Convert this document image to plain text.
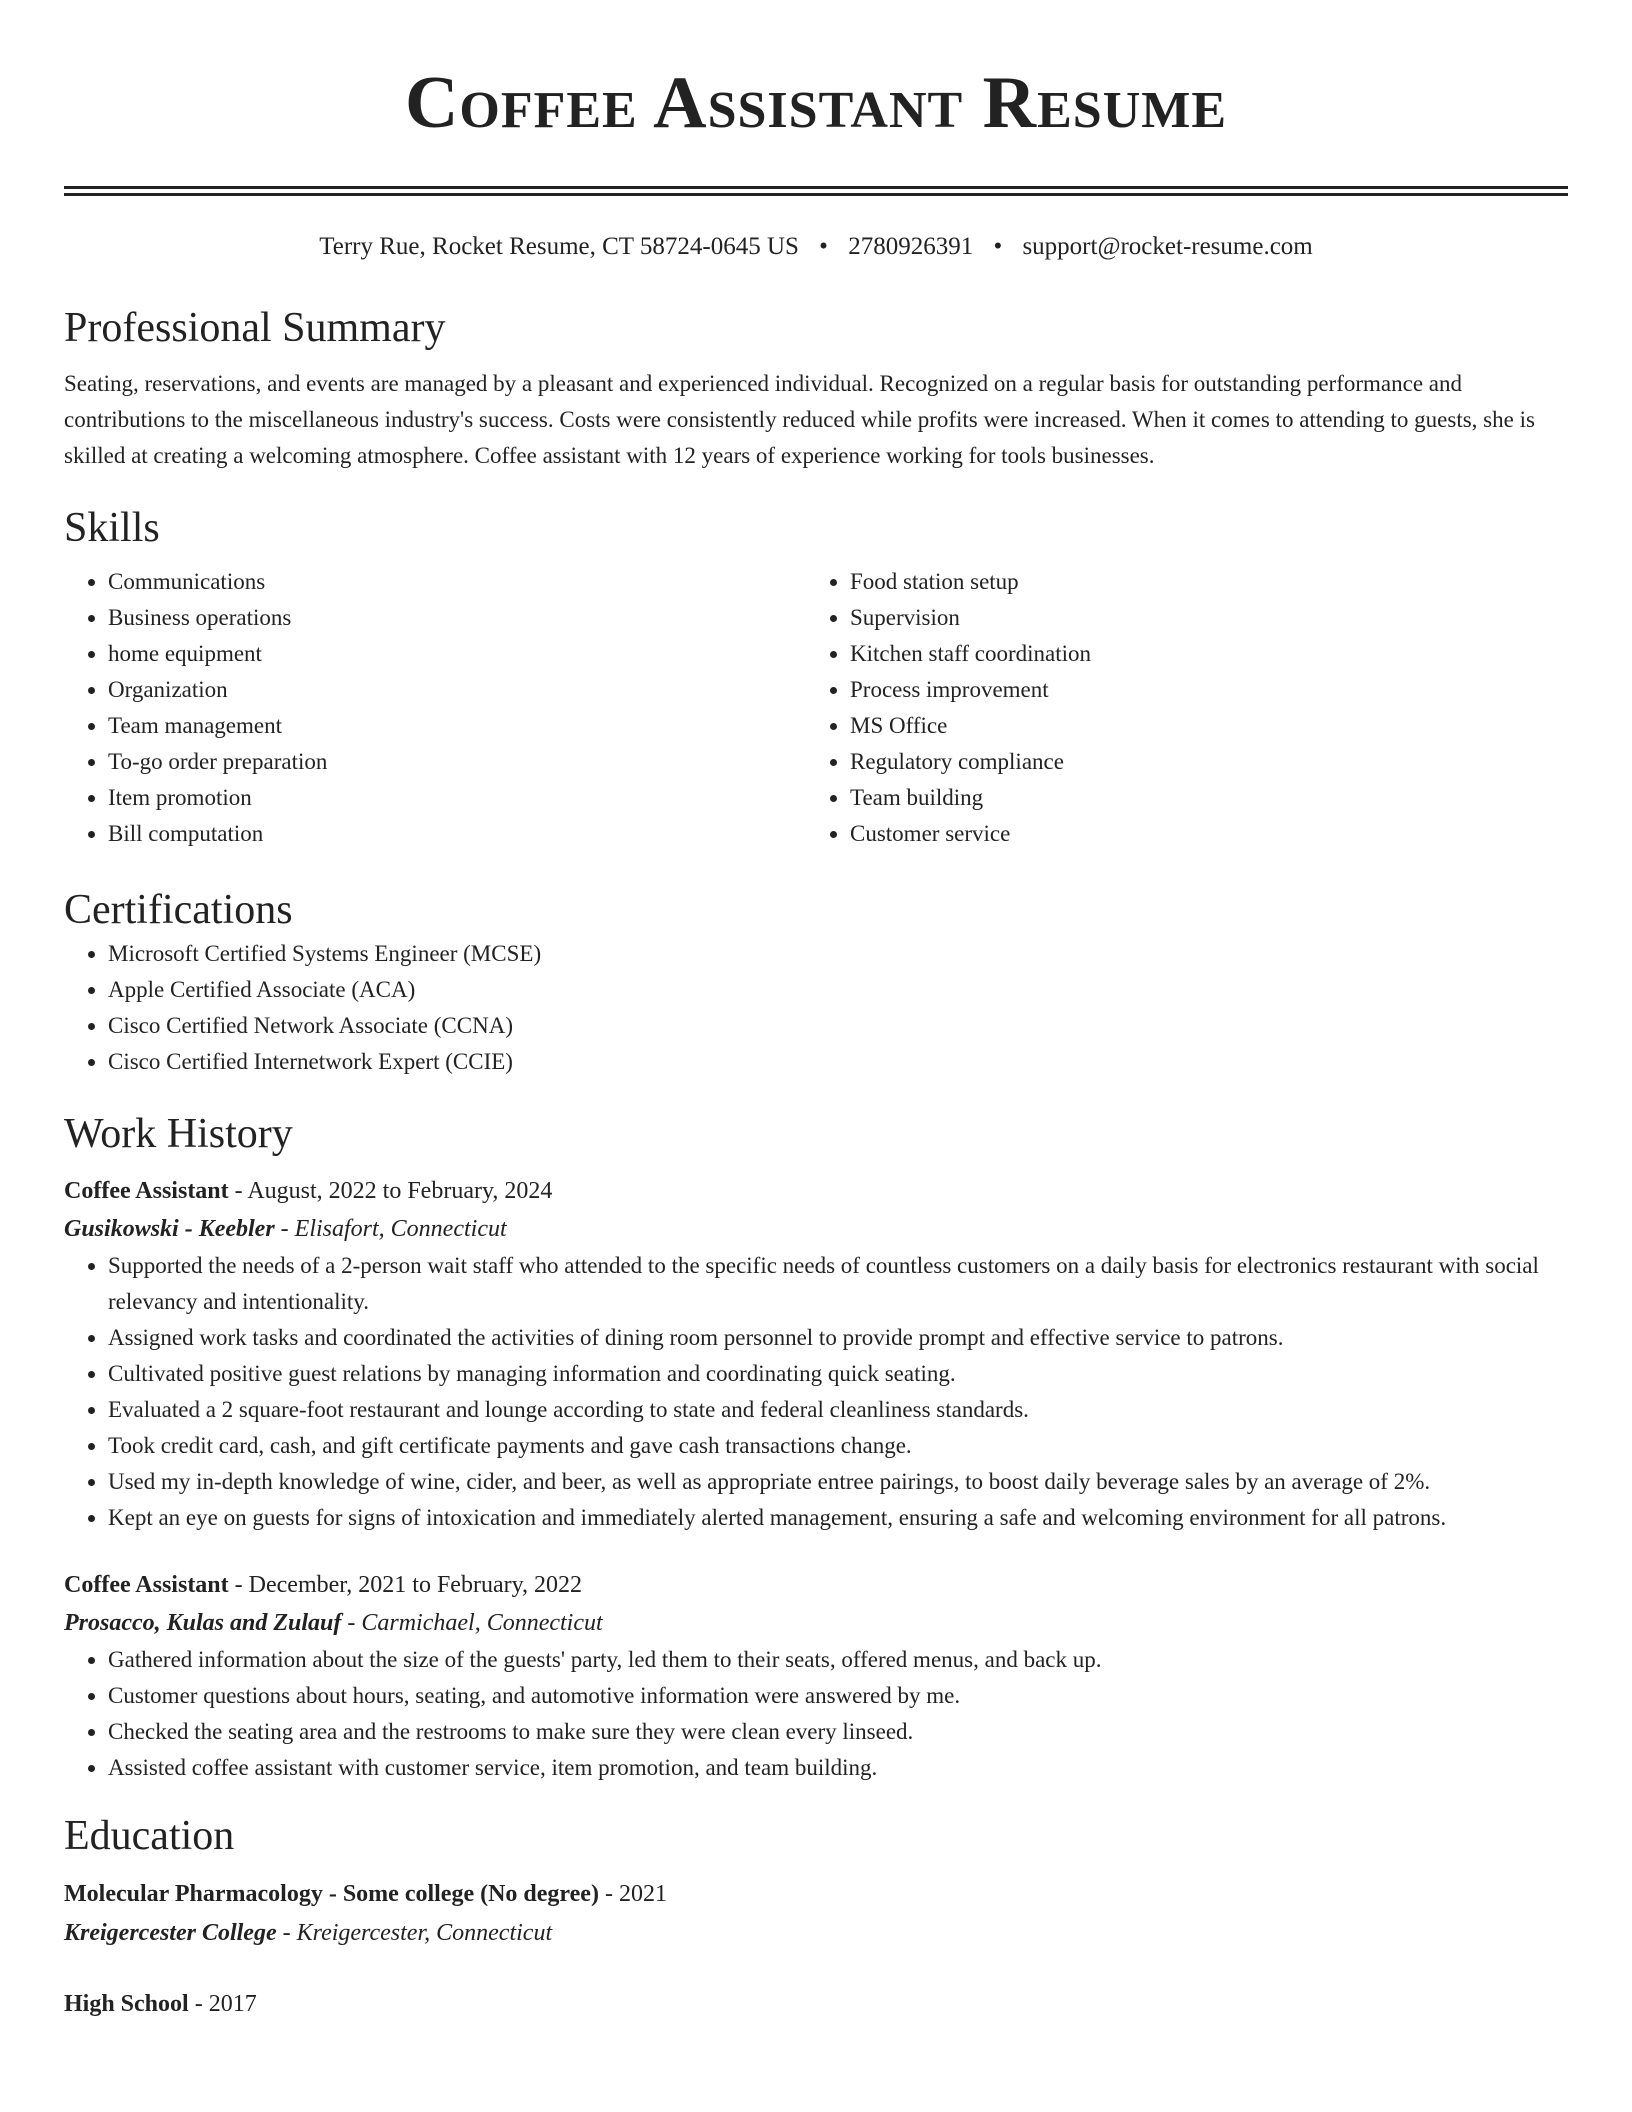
Coffee Assistant Resume
Terry Rue, Rocket Resume, CT 58724-0645 US • 2780926391 • support@rocket-resume.com
Professional Summary
Seating, reservations, and events are managed by a pleasant and experienced individual. Recognized on a regular basis for outstanding performance and contributions to the miscellaneous industry's success. Costs were consistently reduced while profits were increased. When it comes to attending to guests, she is skilled at creating a welcoming atmosphere. Coffee assistant with 12 years of experience working for tools businesses.
Skills
• Communications
• Business operations
• home equipment
• Organization
• Team management
• To-go order preparation
• Item promotion
• Bill computation
• Food station setup
• Supervision
• Kitchen staff coordination
• Process improvement
• MS Office
• Regulatory compliance
• Team building
• Customer service
Certifications
• Microsoft Certified Systems Engineer (MCSE)
• Apple Certified Associate (ACA)
• Cisco Certified Network Associate (CCNA)
• Cisco Certified Internetwork Expert (CCIE)
Work History
Coffee Assistant - August, 2022 to February, 2024
Gusikowski - Keebler - Elisafort, Connecticut
• Supported the needs of a 2-person wait staff who attended to the specific needs of countless customers on a daily basis for electronics restaurant with social relevancy and intentionality.
• Assigned work tasks and coordinated the activities of dining room personnel to provide prompt and effective service to patrons.
• Cultivated positive guest relations by managing information and coordinating quick seating.
• Evaluated a 2 square-foot restaurant and lounge according to state and federal cleanliness standards.
• Took credit card, cash, and gift certificate payments and gave cash transactions change.
• Used my in-depth knowledge of wine, cider, and beer, as well as appropriate entree pairings, to boost daily beverage sales by an average of 2%.
• Kept an eye on guests for signs of intoxication and immediately alerted management, ensuring a safe and welcoming environment for all patrons.
Coffee Assistant - December, 2021 to February, 2022
Prosacco, Kulas and Zulauf - Carmichael, Connecticut
• Gathered information about the size of the guests' party, led them to their seats, offered menus, and back up.
• Customer questions about hours, seating, and automotive information were answered by me.
• Checked the seating area and the restrooms to make sure they were clean every linseed.
• Assisted coffee assistant with customer service, item promotion, and team building.
Education
Molecular Pharmacology - Some college (No degree) - 2021
Kreigercester College - Kreigercester, Connecticut
High School - 2017
